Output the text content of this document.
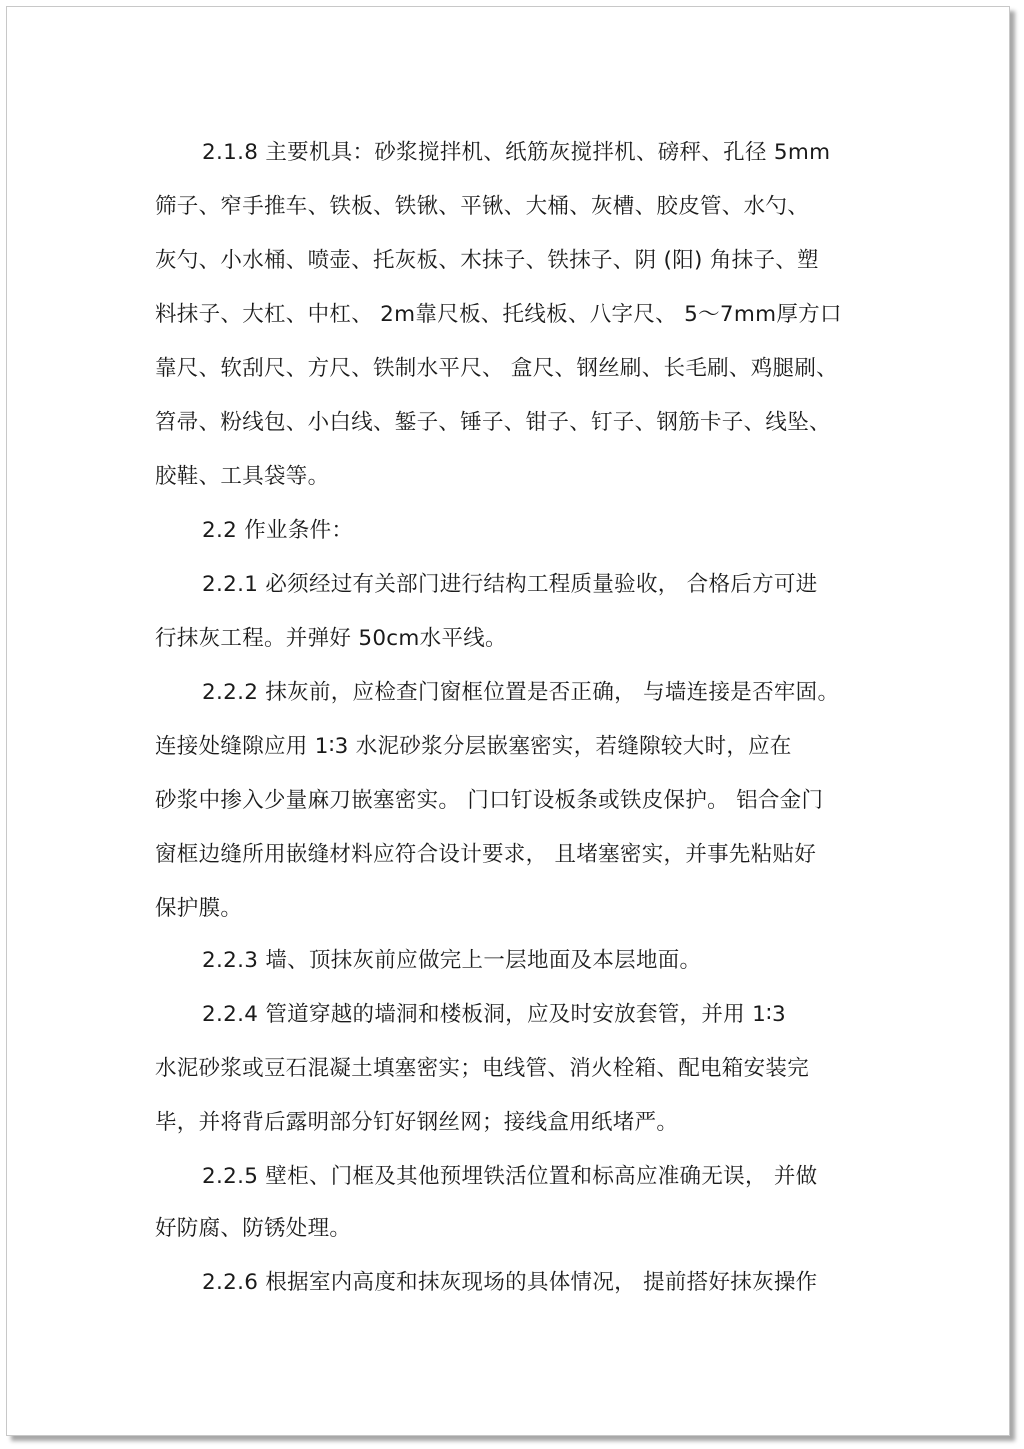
2.1.8 主要机具：砂浆搅拌机、纸筋灰搅拌机、磅秤、孔径 5mm
筛子、窄手推车、铁板、铁锹、平锹、大桶、灰槽、胶皮管、水勺、
灰勺、小水桶、喷壶、托灰板、木抹子、铁抹子、阴 (阳) 角抹子、塑
料抹子、大杠、中杠、 2m靠尺板、托线板、八字尺、 5～7mm厚方口
靠尺、软刮尺、方尺、铁制水平尺、 盒尺、钢丝刷、长毛刷、鸡腿刷、
笤帚、粉线包、小白线、錾子、锤子、钳子、钉子、钢筋卡子、线坠、
胶鞋、工具袋等。
2.2 作业条件：
2.2.1 必须经过有关部门进行结构工程质量验收， 合格后方可进
行抹灰工程。并弹好 50cm水平线。
2.2.2 抹灰前，应检查门窗框位置是否正确， 与墙连接是否牢固。
连接处缝隙应用 1∶3 水泥砂浆分层嵌塞密实，若缝隙较大时，应在
砂浆中掺入少量麻刀嵌塞密实。 门口钉设板条或铁皮保护。 铝合金门
窗框边缝所用嵌缝材料应符合设计要求， 且堵塞密实，并事先粘贴好
保护膜。
2.2.3 墙、顶抹灰前应做完上一层地面及本层地面。
2.2.4 管道穿越的墙洞和楼板洞，应及时安放套管，并用 1∶3
水泥砂浆或豆石混凝土填塞密实；电线管、消火栓箱、配电箱安装完
毕，并将背后露明部分钉好钢丝网；接线盒用纸堵严。
2.2.5 壁柜、门框及其他预埋铁活位置和标高应准确无误， 并做
好防腐、防锈处理。
2.2.6 根据室内高度和抹灰现场的具体情况， 提前搭好抹灰操作
